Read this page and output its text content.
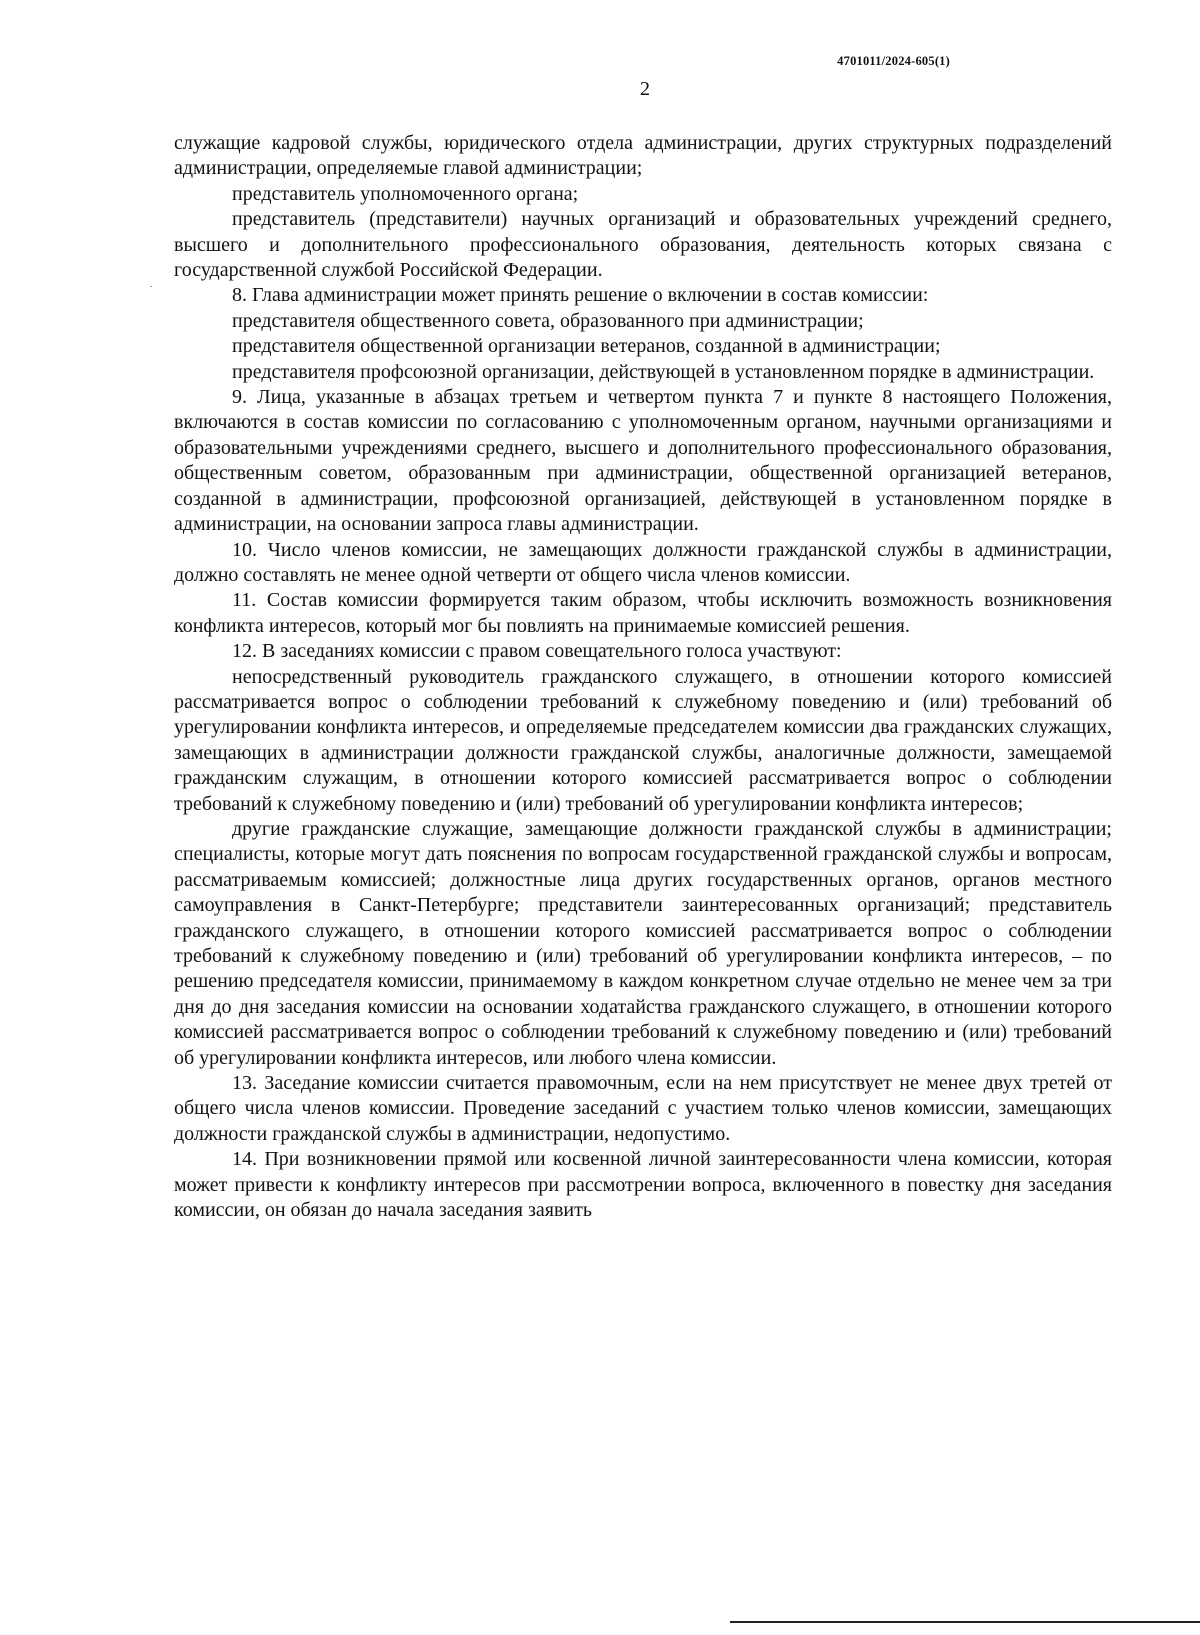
4701011/2024-605(1)
2

служащие кадровой службы, юридического отдела администрации, других структурных подразделений администрации, определяемые главой администрации;

представитель уполномоченного органа;

представитель (представители) научных организаций и образовательных учреждений среднего, высшего и дополнительного профессионального образования, деятельность которых связана с государственной службой Российской Федерации.

8. Глава администрации может принять решение о включении в состав комиссии:

представителя общественного совета, образованного при администрации;

представителя общественной организации ветеранов, созданной в администрации;

представителя профсоюзной организации, действующей в установленном порядке в администрации.

9. Лица, указанные в абзацах третьем и четвертом пункта 7 и пункте 8 настоящего Положения, включаются в состав комиссии по согласованию с уполномоченным органом, научными организациями и образовательными учреждениями среднего, высшего и дополнительного профессионального образования, общественным советом, образованным при администрации, общественной организацией ветеранов, созданной в администрации, профсоюзной организацией, действующей в установленном порядке в администрации, на основании запроса главы администрации.

10. Число членов комиссии, не замещающих должности гражданской службы в администрации, должно составлять не менее одной четверти от общего числа членов комиссии.

11. Состав комиссии формируется таким образом, чтобы исключить возможность возникновения конфликта интересов, который мог бы повлиять на принимаемые комиссией решения.

12. В заседаниях комиссии с правом совещательного голоса участвуют:

непосредственный руководитель гражданского служащего, в отношении которого комиссией рассматривается вопрос о соблюдении требований к служебному поведению и (или) требований об урегулировании конфликта интересов, и определяемые председателем комиссии два гражданских служащих, замещающих в администрации должности гражданской службы, аналогичные должности, замещаемой гражданским служащим, в отношении которого комиссией рассматривается вопрос о соблюдении требований к служебному поведению и (или) требований об урегулировании конфликта интересов;

другие гражданские служащие, замещающие должности гражданской службы в администрации; специалисты, которые могут дать пояснения по вопросам государственной гражданской службы и вопросам, рассматриваемым комиссией; должностные лица других государственных органов, органов местного самоуправления в Санкт-Петербурге; представители заинтересованных организаций; представитель гражданского служащего, в отношении которого комиссией рассматривается вопрос о соблюдении требований к служебному поведению и (или) требований об урегулировании конфликта интересов, – по решению председателя комиссии, принимаемому в каждом конкретном случае отдельно не менее чем за три дня до дня заседания комиссии на основании ходатайства гражданского служащего, в отношении которого комиссией рассматривается вопрос о соблюдении требований к служебному поведению и (или) требований об урегулировании конфликта интересов, или любого члена комиссии.

13. Заседание комиссии считается правомочным, если на нем присутствует не менее двух третей от общего числа членов комиссии. Проведение заседаний с участием только членов комиссии, замещающих должности гражданской службы в администрации, недопустимо.

14. При возникновении прямой или косвенной личной заинтересованности члена комиссии, которая может привести к конфликту интересов при рассмотрении вопроса, включенного в повестку дня заседания комиссии, он обязан до начала заседания заявить
